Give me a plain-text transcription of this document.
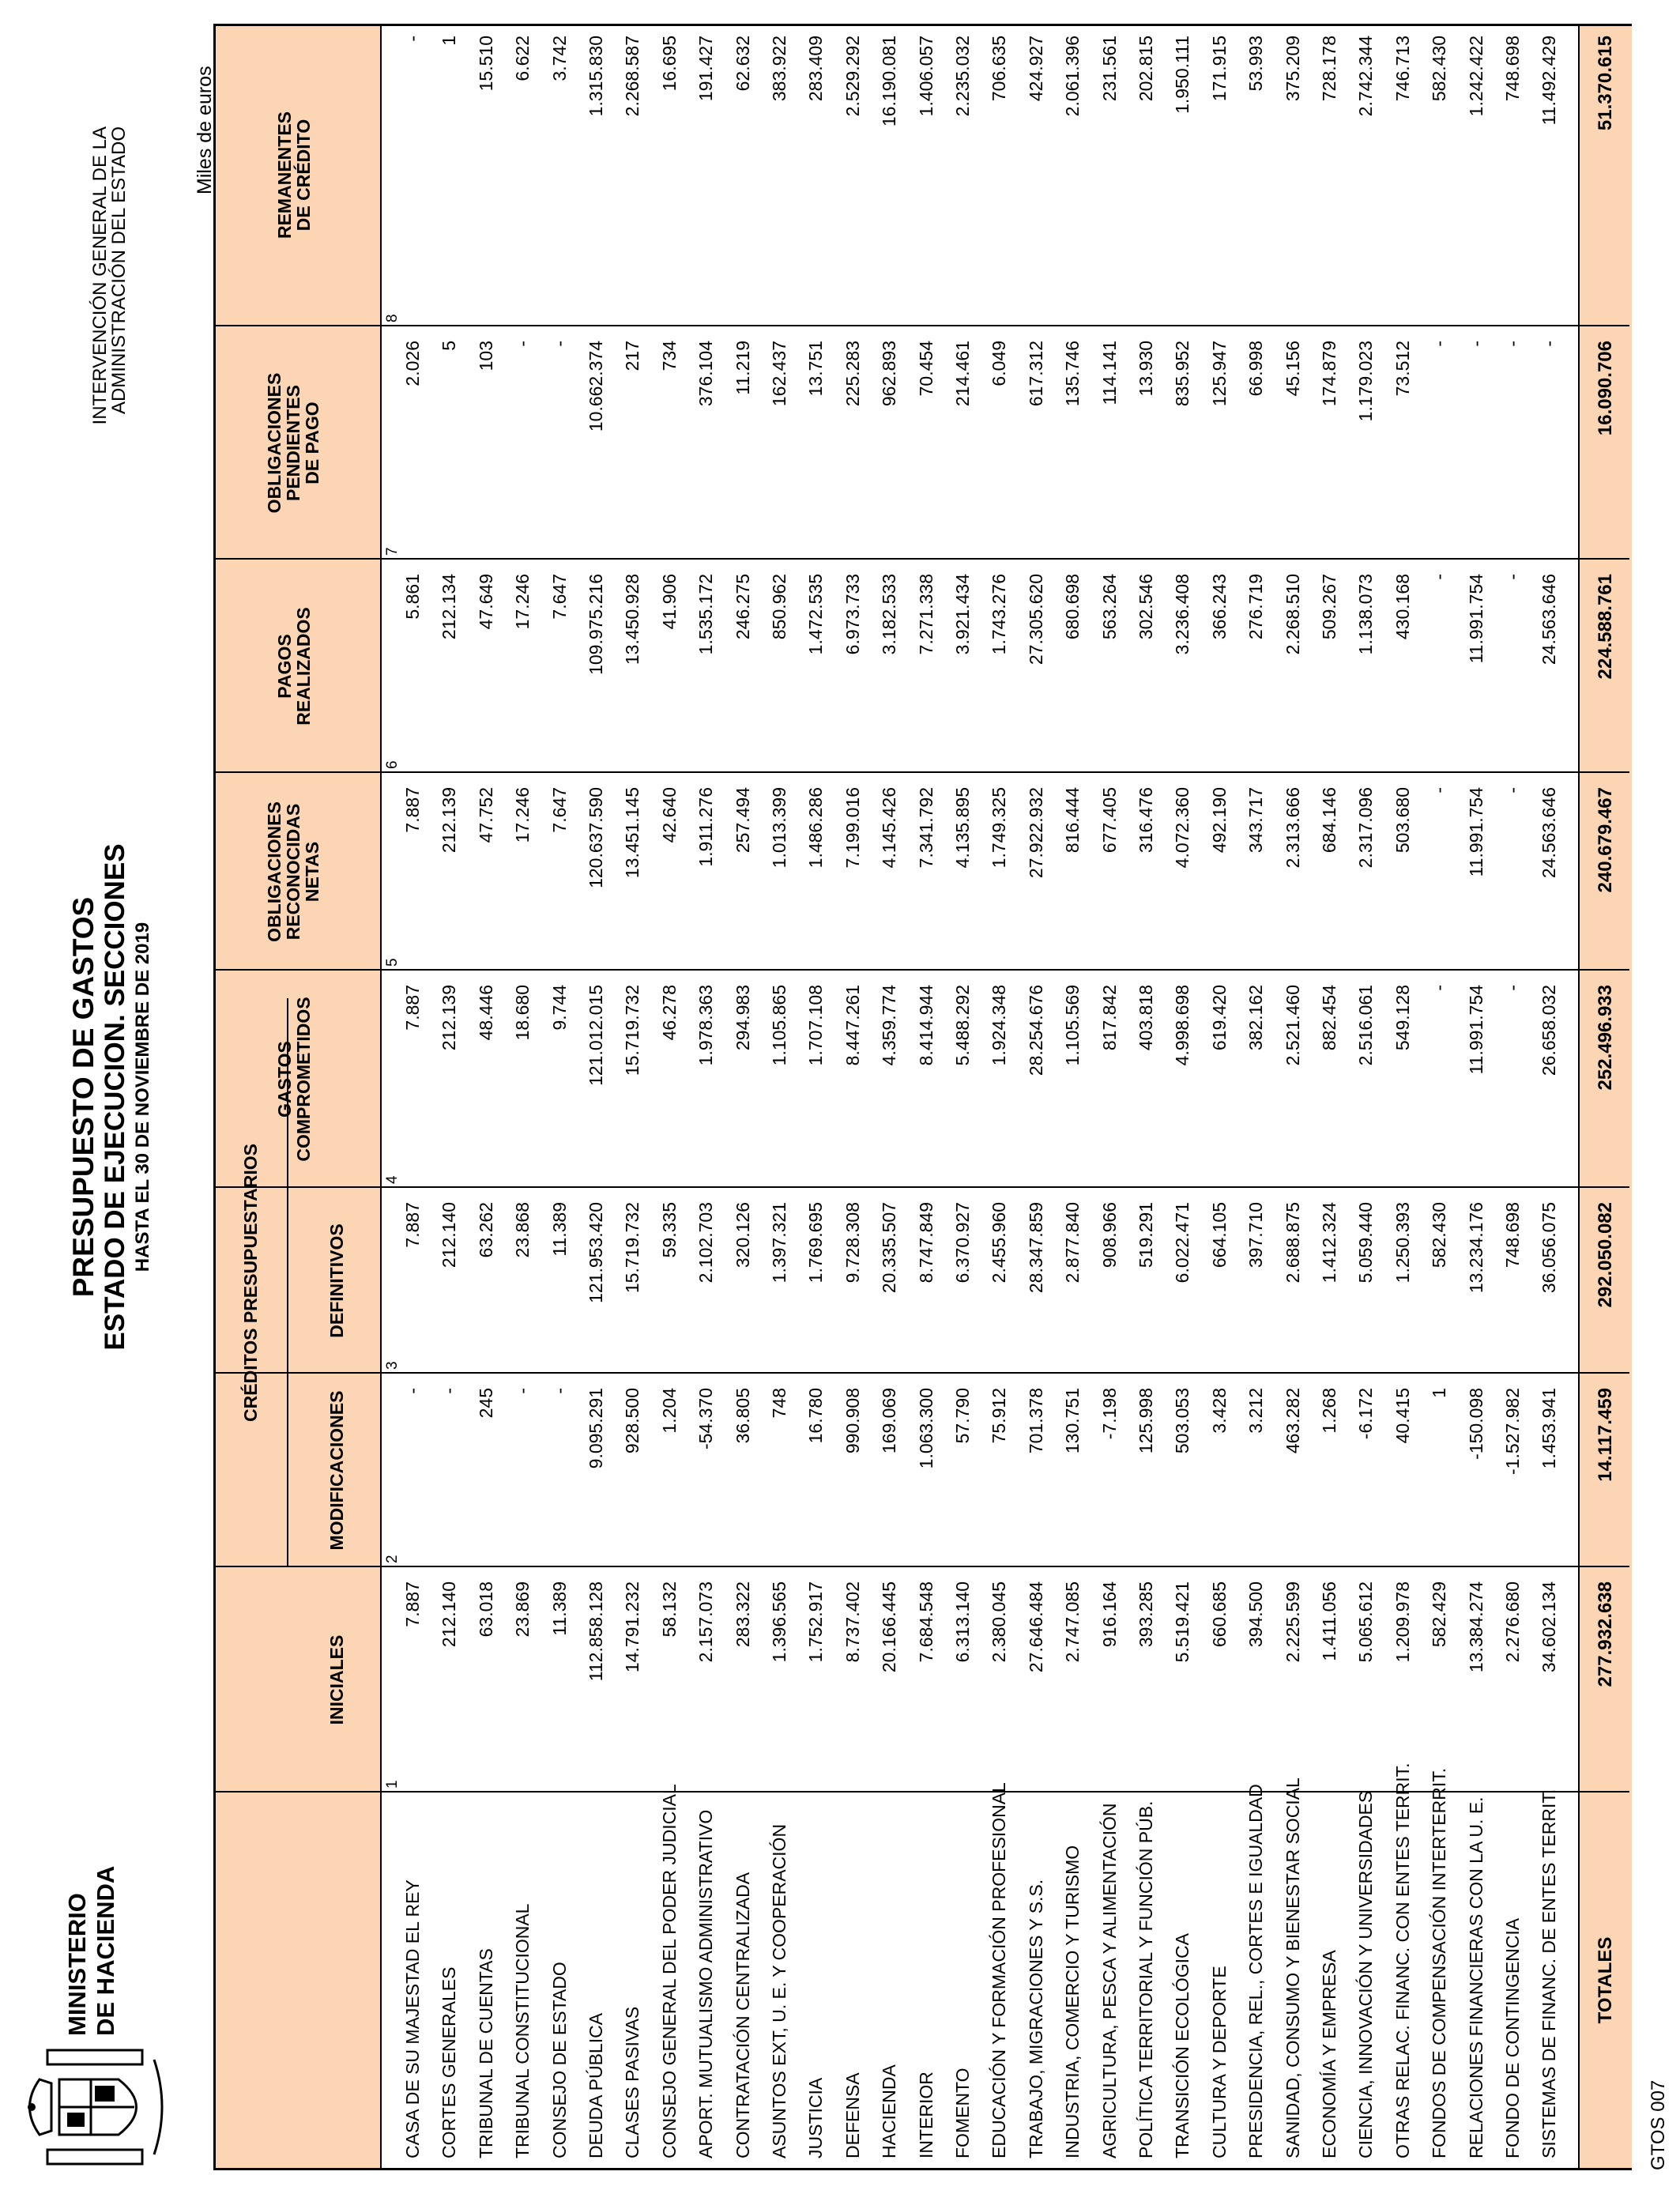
MINISTERIO DE HACIENDA
PRESUPUESTO DE GASTOS ESTADO DE EJECUCION. SECCIONES HASTA EL 30 DE NOVIEMBRE DE 2019
INTERVENCIÓN GENERAL DE LA
ADMINISTRACIÓN DEL ESTADO	Miles de euros
CRÉDITOS PRESUPUESTARIOS
INICIALES
MODIFICACIONES
DEFINITIVOS
GASTOS
COMPROMETIDOS
OBLIGACIONES
RECONOCIDAS
NETAS
PAGOS
REALIZADOS
OBLIGACIONES
PENDIENTES
DE PAGO
REMANENTES
DE CRÉDITO
1
2
3
4
5
6
7
8
CASA DE SU MAJESTAD EL REY
7.887
-
7.887
7.887
7.887
5.861
2.026
-
CORTES GENERALES
212.140
-
212.140
212.139
212.139
212.134
5
1
TRIBUNAL DE CUENTAS
63.018
245
63.262
48.446
47.752
47.649
103
15.510
TRIBUNAL CONSTITUCIONAL
23.869
-
23.868
18.680
17.246
17.246
-
6.622
CONSEJO DE ESTADO
11.389
-
11.389
9.744
7.647
7.647
-
3.742
DEUDA PÚBLICA
112.858.128
9.095.291
121.953.420
121.012.015
120.637.590
109.975.216
10.662.374
1.315.830
CLASES PASIVAS
14.791.232
928.500
15.719.732
15.719.732
13.451.145
13.450.928
217
2.268.587
CONSEJO GENERAL DEL PODER JUDICIAL
58.132
1.204
59.335
46.278
42.640
41.906
734
16.695
APORT. MUTUALISMO ADMINISTRATIVO
2.157.073
-54.370
2.102.703
1.978.363
1.911.276
1.535.172
376.104
191.427
CONTRATACIÓN CENTRALIZADA
283.322
36.805
320.126
294.983
257.494
246.275
11.219
62.632
ASUNTOS EXT, U. E. Y COOPERACIÓN
1.396.565
748
1.397.321
1.105.865
1.013.399
850.962
162.437
383.922
JUSTICIA
1.752.917
16.780
1.769.695
1.707.108
1.486.286
1.472.535
13.751
283.409
DEFENSA
8.737.402
990.908
9.728.308
8.447.261
7.199.016
6.973.733
225.283
2.529.292
HACIENDA
20.166.445
169.069
20.335.507
4.359.774
4.145.426
3.182.533
962.893
16.190.081
INTERIOR
7.684.548
1.063.300
8.747.849
8.414.944
7.341.792
7.271.338
70.454
1.406.057
FOMENTO
6.313.140
57.790
6.370.927
5.488.292
4.135.895
3.921.434
214.461
2.235.032
EDUCACIÓN Y FORMACIÓN PROFESIONAL
2.380.045
75.912
2.455.960
1.924.348
1.749.325
1.743.276
6.049
706.635
TRABAJO, MIGRACIONES Y S.S.
27.646.484
701.378
28.347.859
28.254.676
27.922.932
27.305.620
617.312
424.927
INDUSTRIA, COMERCIO Y TURISMO
2.747.085
130.751
2.877.840
1.105.569
816.444
680.698
135.746
2.061.396
AGRICULTURA, PESCA Y ALIMENTACIÓN
916.164
-7.198
908.966
817.842
677.405
563.264
114.141
231.561
POLÍTICA TERRITORIAL Y FUNCIÓN PÚB.
393.285
125.998
519.291
403.818
316.476
302.546
13.930
202.815
TRANSICIÓN ECOLÓGICA
5.519.421
503.053
6.022.471
4.998.698
4.072.360
3.236.408
835.952
1.950.111
CULTURA Y DEPORTE
660.685
3.428
664.105
619.420
492.190
366.243
125.947
171.915
PRESIDENCIA, REL., CORTES E IGUALDAD
394.500
3.212
397.710
382.162
343.717
276.719
66.998
53.993
SANIDAD, CONSUMO Y BIENESTAR SOCIAL
2.225.599
463.282
2.688.875
2.521.460
2.313.666
2.268.510
45.156
375.209
ECONOMÍA Y EMPRESA
1.411.056
1.268
1.412.324
882.454
684.146
509.267
174.879
728.178
CIENCIA, INNOVACIÓN Y UNIVERSIDADES
5.065.612
-6.172
5.059.440
2.516.061
2.317.096
1.138.073
1.179.023
2.742.344
OTRAS RELAC. FINANC. CON ENTES TERRIT.
1.209.978
40.415
1.250.393
549.128
503.680
430.168
73.512
746.713
FONDOS DE COMPENSACIÓN INTERTERRIT.
582.429
1
582.430
-
-
-
-
582.430
RELACIONES FINANCIERAS CON LA U. E.
13.384.274
-150.098
13.234.176
11.991.754
11.991.754
11.991.754
-
1.242.422
FONDO DE CONTINGENCIA
2.276.680
-1.527.982
748.698
-
-
-
-
748.698
SISTEMAS DE FINANC. DE ENTES TERRIT.
34.602.134
1.453.941
36.056.075
26.658.032
24.563.646
24.563.646
-
11.492.429
TOTALES
277.932.638
14.117.459
292.050.082
252.496.933
240.679.467
224.588.761
16.090.706
51.370.615
GTOS 007
